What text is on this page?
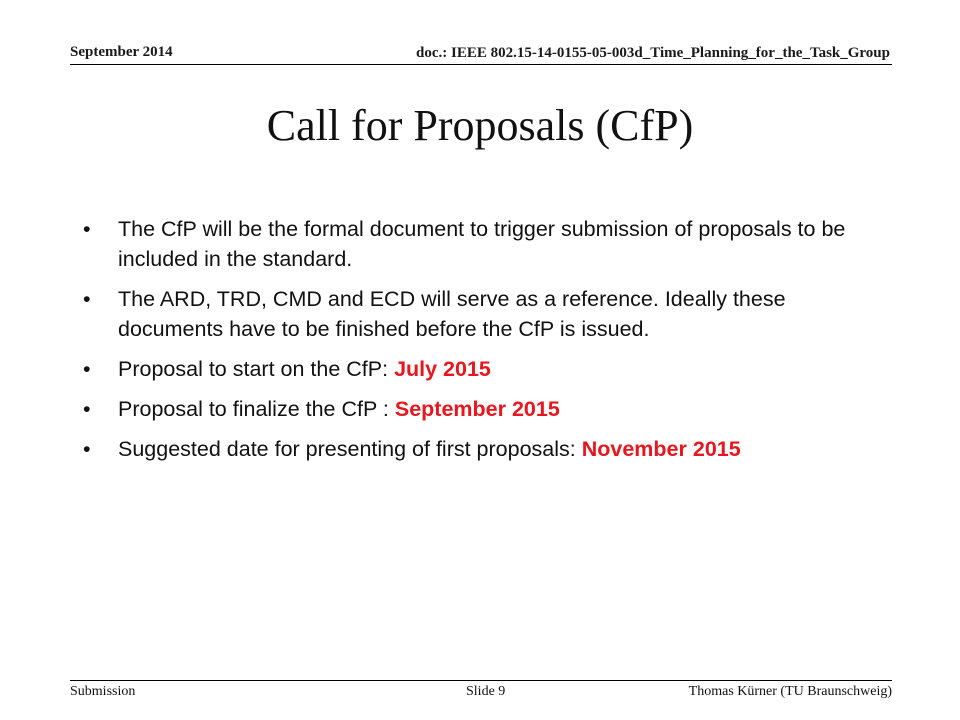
September 2014	doc.: IEEE 802.15-14-0155-05-003d_Time_Planning_for_the_Task_Group
Call for Proposals (CfP)
• The CfP will be the formal document to trigger submission of proposals to be included in the standard.
• The ARD, TRD, CMD and ECD will serve as a reference. Ideally these documents have to be finished before the CfP is issued.
• Proposal to start on the CfP: July 2015
• Proposal to finalize the CfP : September 2015
• Suggested date for presenting of first proposals: November 2015
Submission	Slide 9	Thomas Kürner (TU Braunschweig)
